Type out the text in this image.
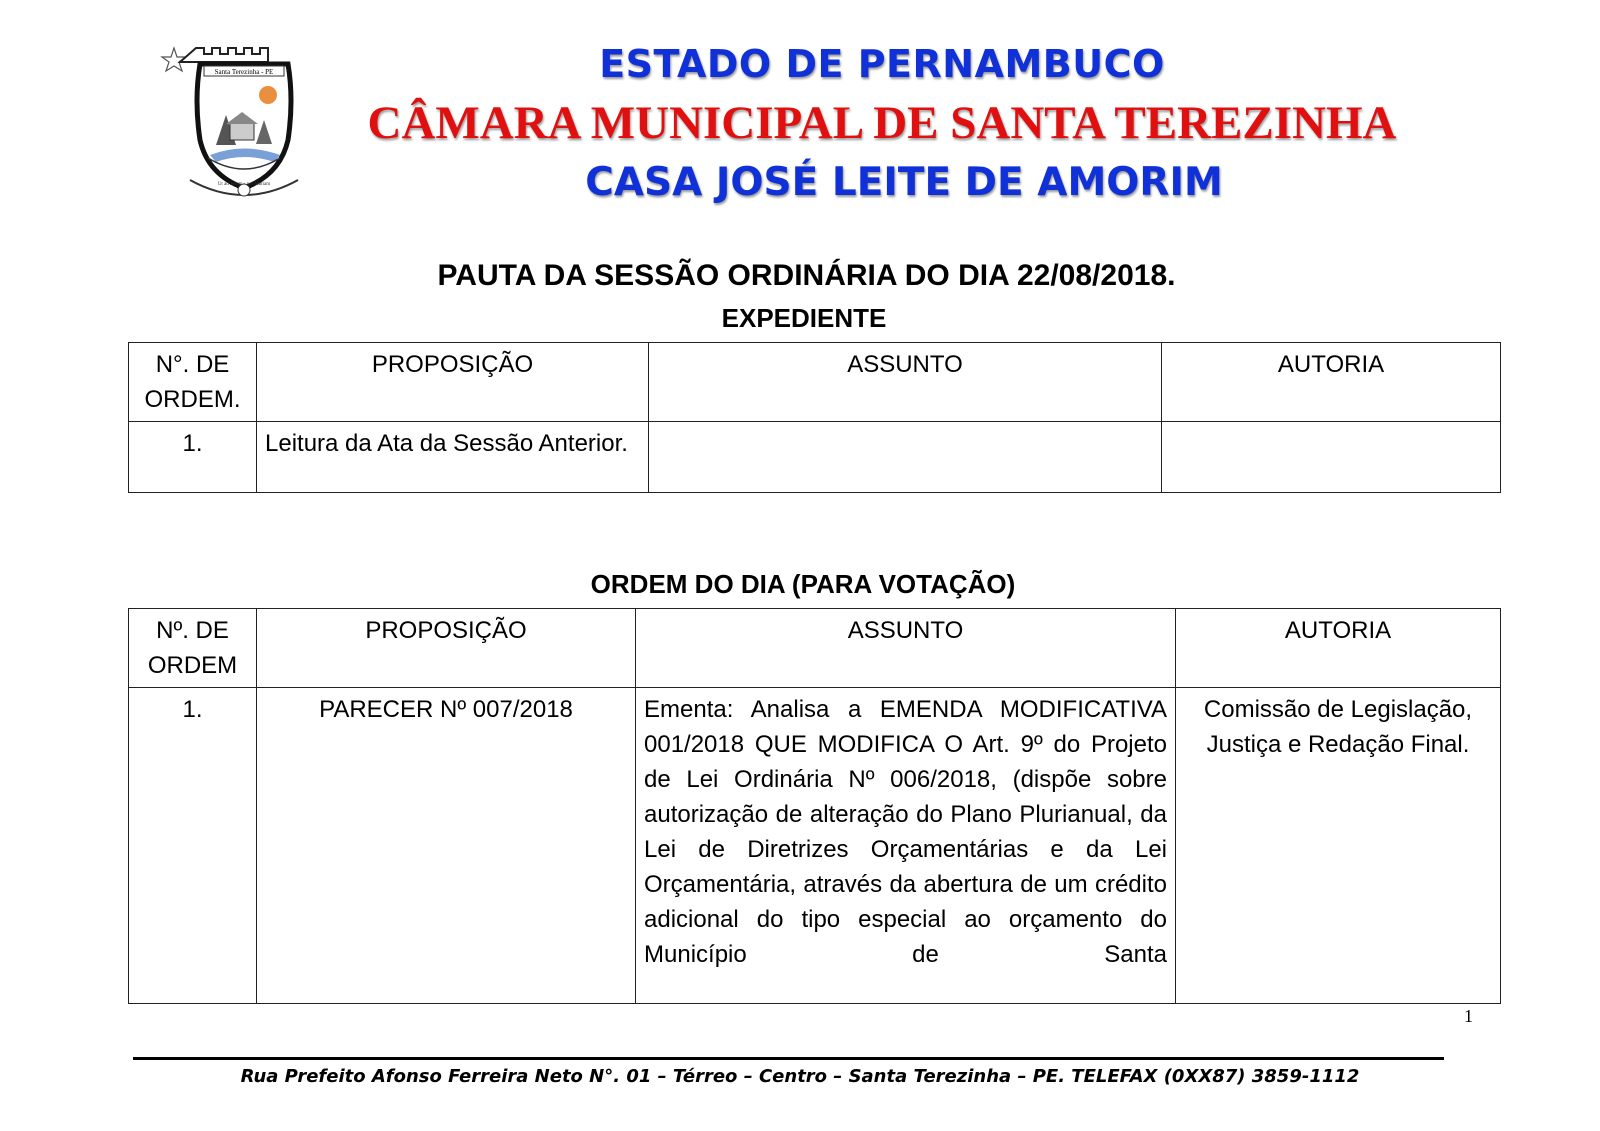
Santa Terezinha - PE
Ut ad Jesum · per Mariam
ESTADO DE PERNAMBUCO
CÂMARA MUNICIPAL DE SANTA TEREZINHA
CASA JOSÉ LEITE DE AMORIM
PAUTA DA SESSÃO ORDINÁRIA DO DIA 22/08/2018.
EXPEDIENTE
N°. DE ORDEM.	PROPOSIÇÃO	ASSUNTO	AUTORIA
1.	Leitura da Ata da Sessão Anterior.		
ORDEM DO DIA (PARA VOTAÇÃO)
Nº. DE ORDEM	PROPOSIÇÃO	ASSUNTO	AUTORIA
1.	PARECER Nº 007/2018	Ementa: Analisa a EMENDA MODIFICATIVA 001/2018 QUE MODIFICA O Art. 9º do Projeto de Lei Ordinária Nº 006/2018, (dispõe sobre autorização de alteração do Plano Plurianual, da Lei de Diretrizes Orçamentárias e da Lei Orçamentária, através da abertura de um crédito adicional do tipo especial ao orçamento do Município de Santa	Comissão de Legislação, Justiça e Redação Final.
1
Rua Prefeito Afonso Ferreira Neto N°. 01 – Térreo – Centro – Santa Terezinha – PE. TELEFAX (0XX87) 3859-1112
